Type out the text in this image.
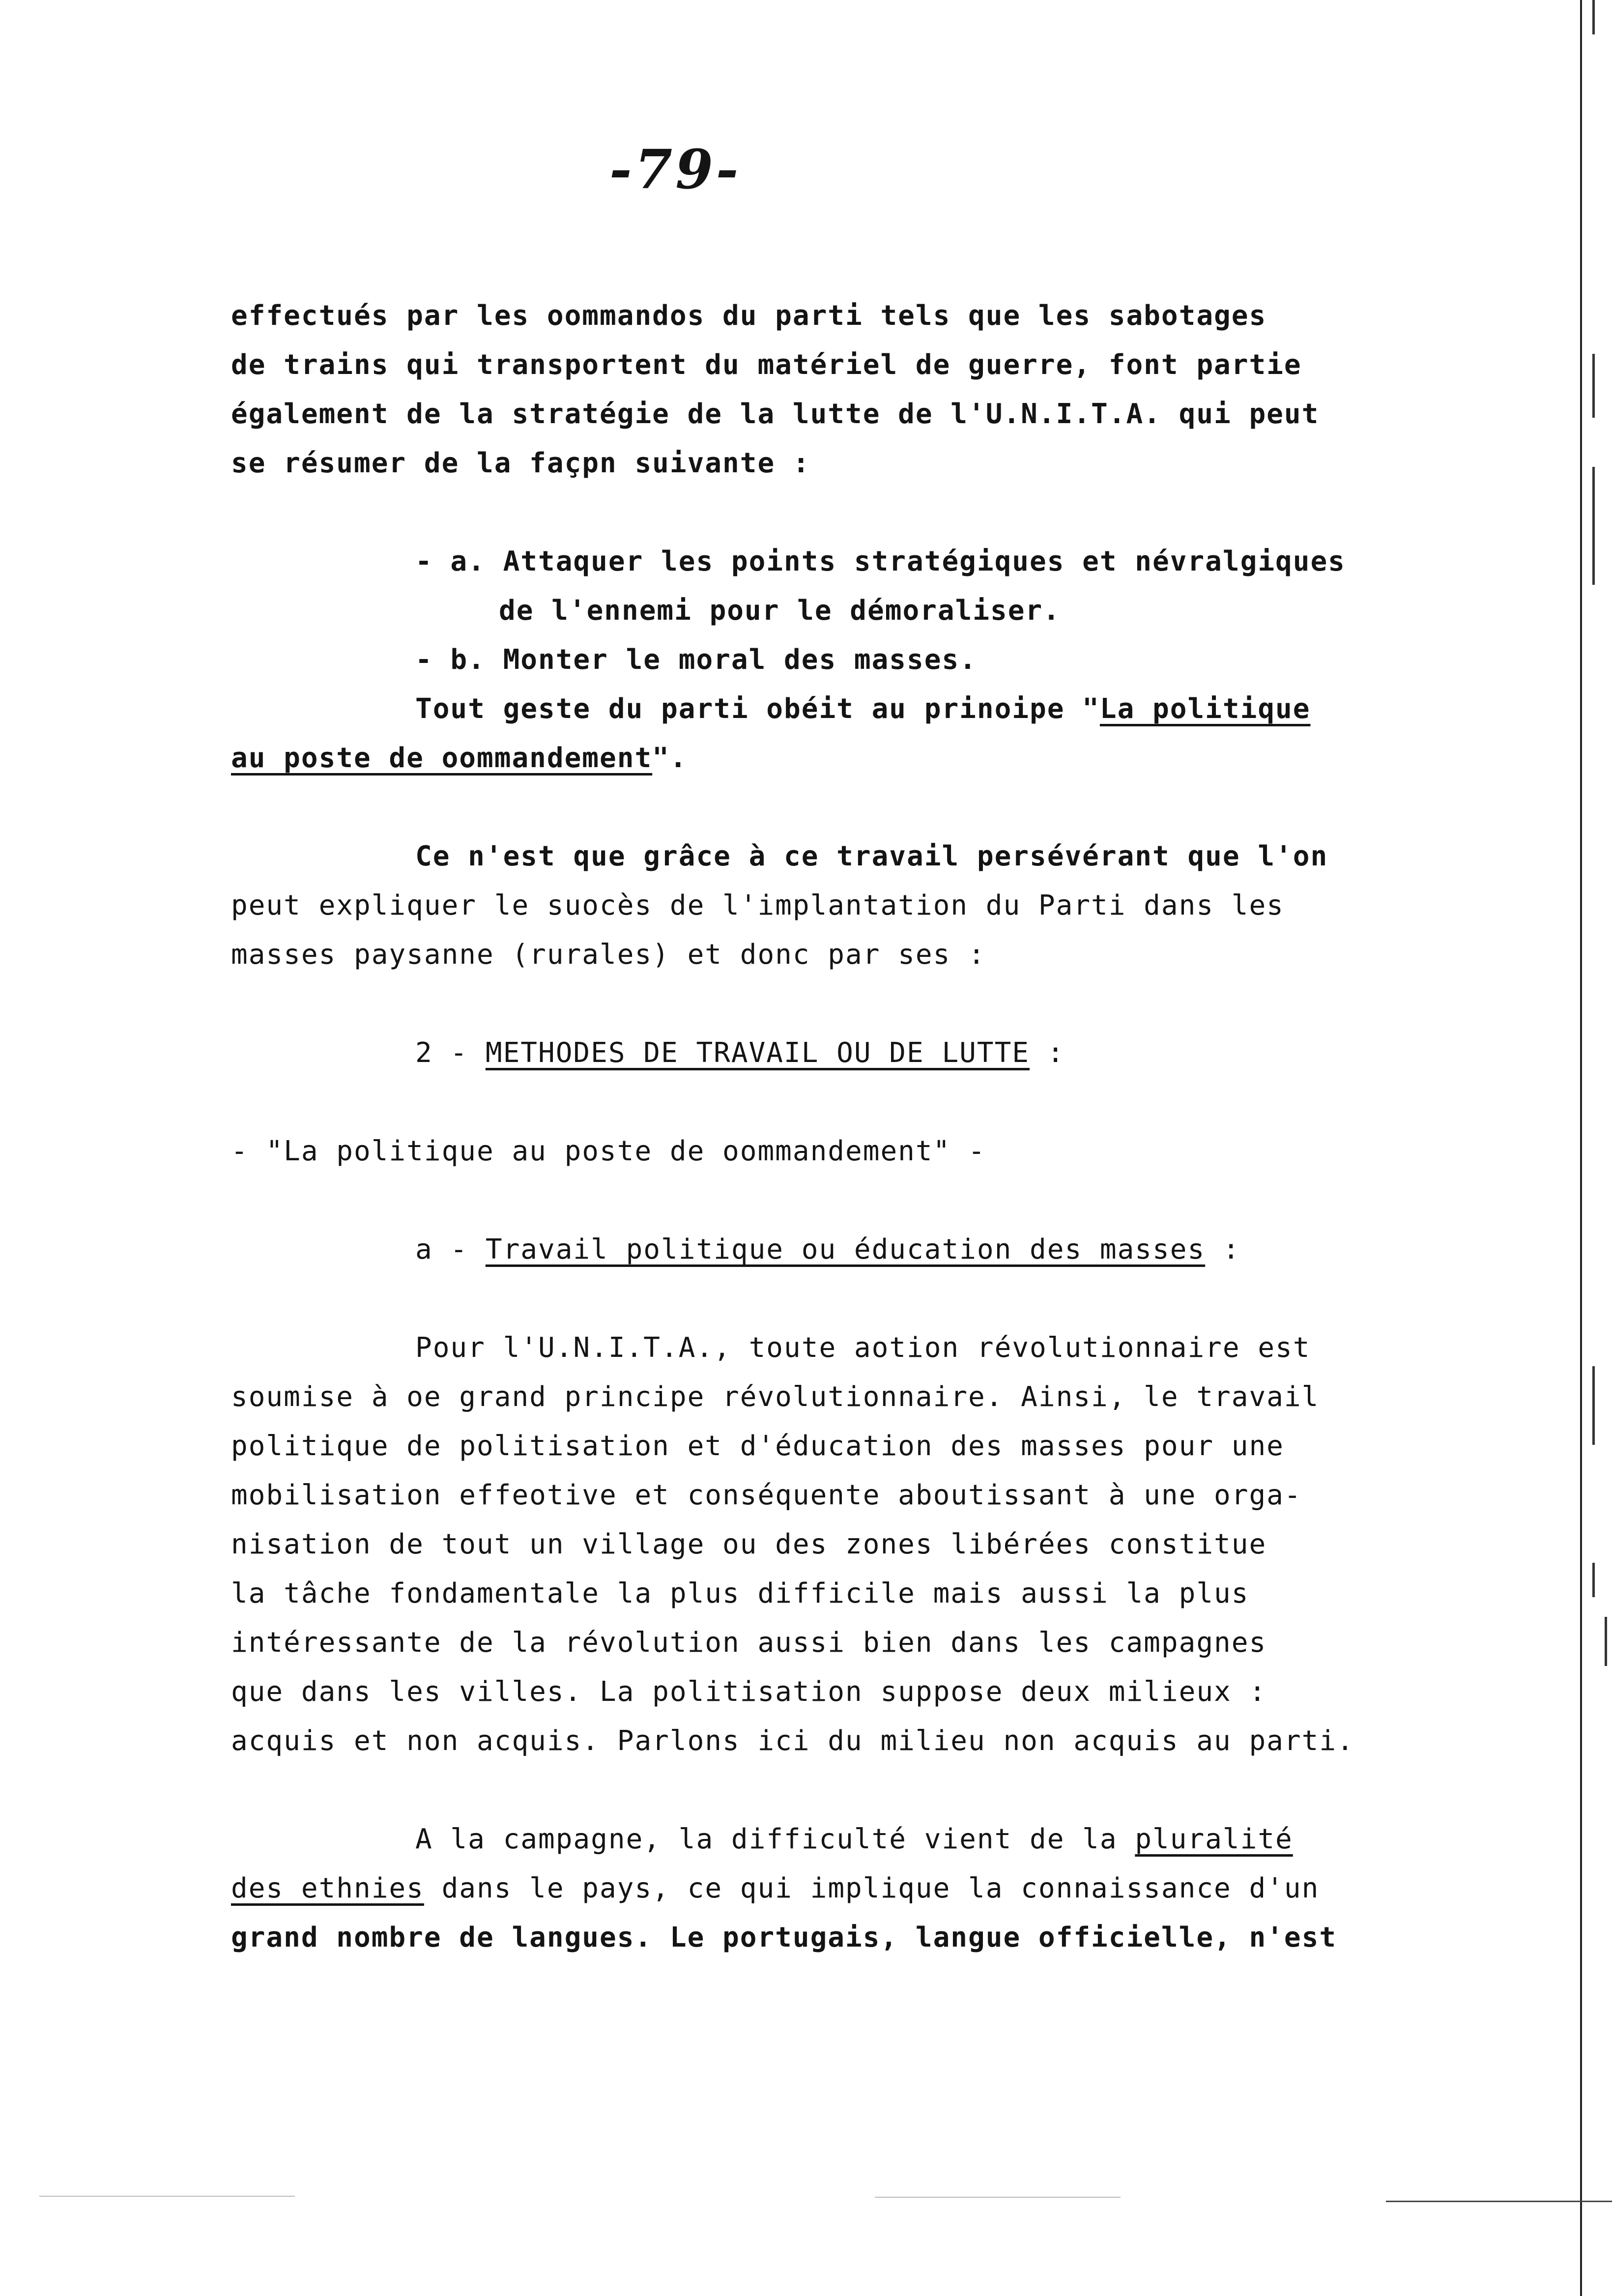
-79-
effectués par les oommandos du parti tels que les sabotages
de trains qui transportent du matériel de guerre, font partie
également de la stratégie de la lutte de l'U.N.I.T.A. qui peut
se résumer de la façpn suivante :
- a. Attaquer les points stratégiques et névralgiques
de l'ennemi pour le démoraliser.
- b. Monter le moral des masses.
Tout geste du parti obéit au prinoipe "La politique
au poste de oommandement".
Ce n'est que grâce à ce travail persévérant que l'on
peut expliquer le suocès de l'implantation du Parti dans les
masses paysanne (rurales) et donc par ses :
2 - METHODES DE TRAVAIL OU DE LUTTE :
- "La politique au poste de oommandement" -
a - Travail politique ou éducation des masses :
Pour l'U.N.I.T.A., toute aotion révolutionnaire est
soumise à oe grand principe révolutionnaire. Ainsi, le travail
politique de politisation et d'éducation des masses pour une
mobilisation effeotive et conséquente aboutissant à une orga-
nisation de tout un village ou des zones libérées constitue
la tâche fondamentale la plus difficile mais aussi la plus
intéressante de la révolution aussi bien dans les campagnes
que dans les villes. La politisation suppose deux milieux :
acquis et non acquis. Parlons ici du milieu non acquis au parti.
A la campagne, la difficulté vient de la pluralité
des ethnies dans le pays, ce qui implique la connaissance d'un
grand nombre de langues. Le portugais, langue officielle, n'est
